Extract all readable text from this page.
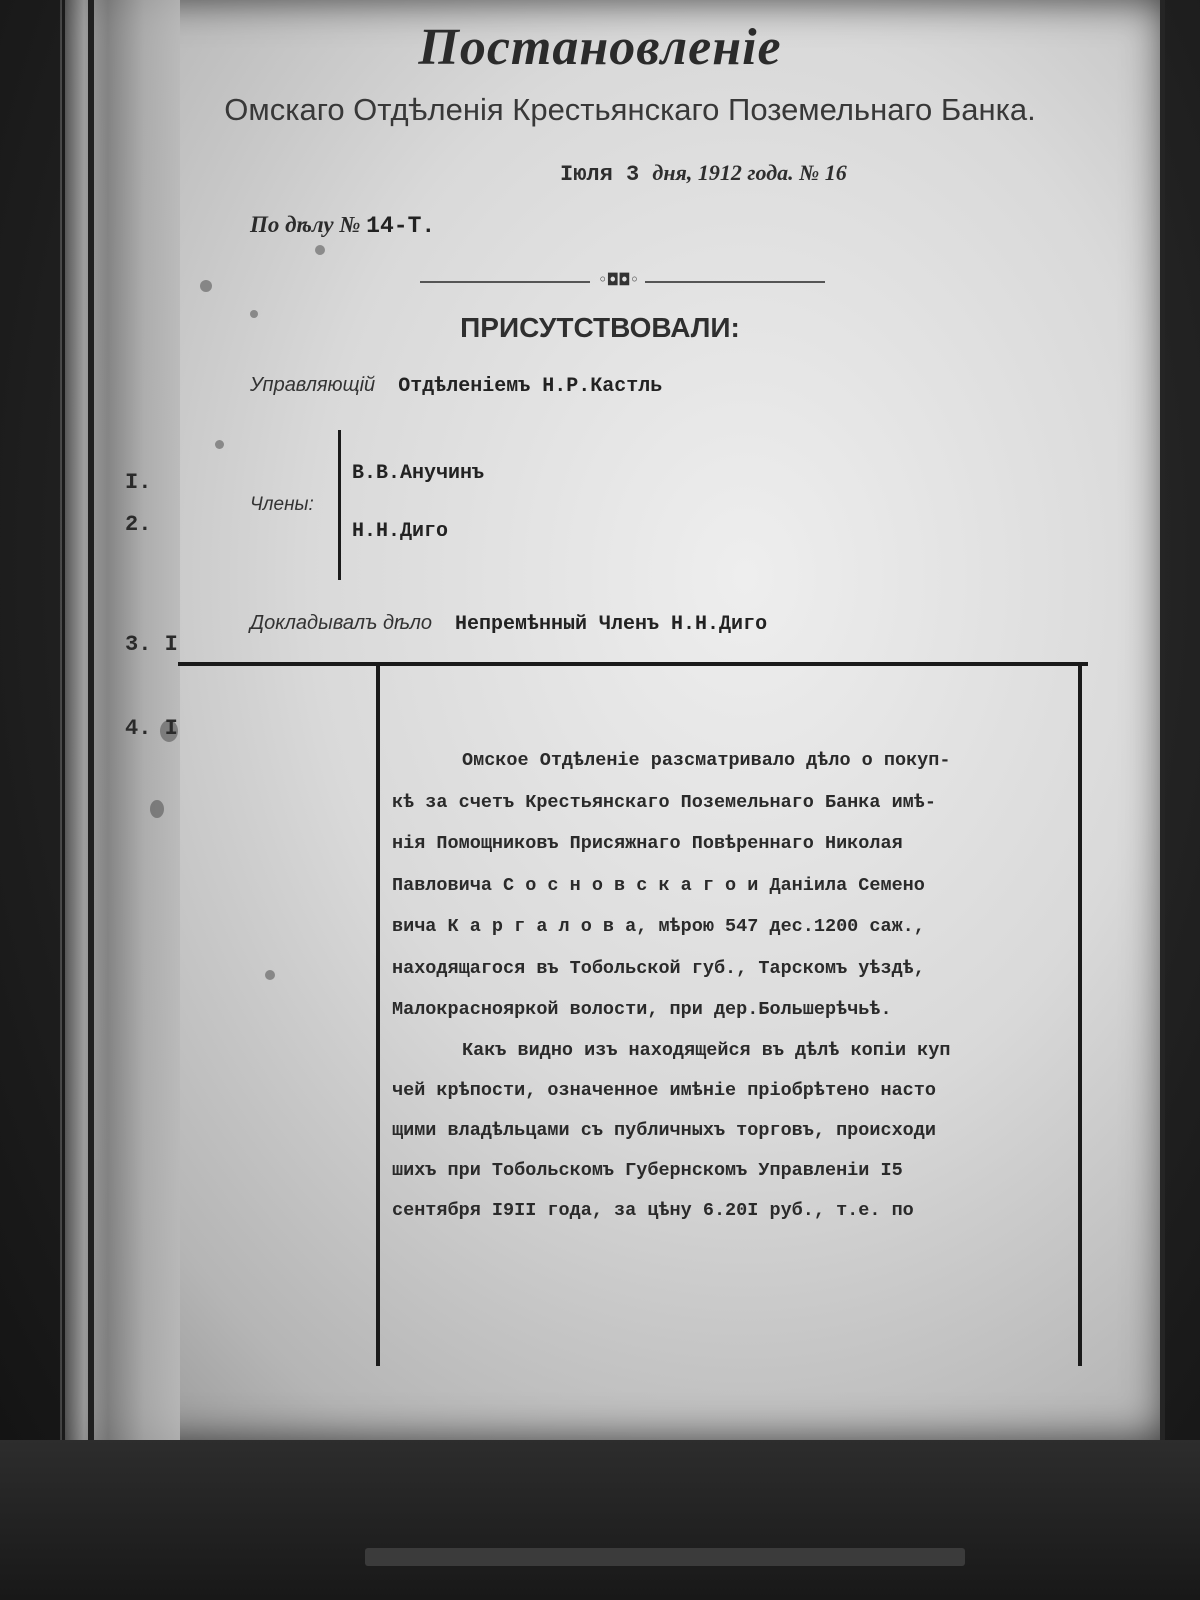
Постановленіе
Омскаго Отдѣленія Крестьянскаго Поземельнаго Банка.
Іюля 3 дня, 1912 года. № 16
По дѣлу № 14-Т.
◦◘◘◦
ПРИСУТСТВОВАЛИ:
Управляющій Отдѣленіемъ Н.Р.Кастль
Члены:
В.В.Анучинъ
Н.Н.Диго
I.
2.
3. І
4. І
Докладывалъ дѣло Непремѣнный Членъ Н.Н.Диго

Омское Отдѣленіе разсматривало дѣло о покуп-

кѣ за счетъ Крестьянскаго Поземельнаго Банка имѣ-

нія Помощниковъ Присяжнаго Повѣреннаго Николая

Павловича С о с н о в с к а г о и Даніила Семено

вича К а р г а л о в а, мѣрою 547 дес.1200 саж.,

находящагося въ Тобольской губ., Тарскомъ уѣздѣ,

Малокраснояркой волости, при дер.Большерѣчьѣ.

Какъ видно изъ находящейся въ дѣлѣ копіи куп

чей крѣпости, означенное имѣніе пріобрѣтено насто

щими владѣльцами съ публичныхъ торговъ, происходи

шихъ при Тобольскомъ Губернскомъ Управленіи I5

сентября I9II года, за цѣну 6.20I руб., т.е. по
